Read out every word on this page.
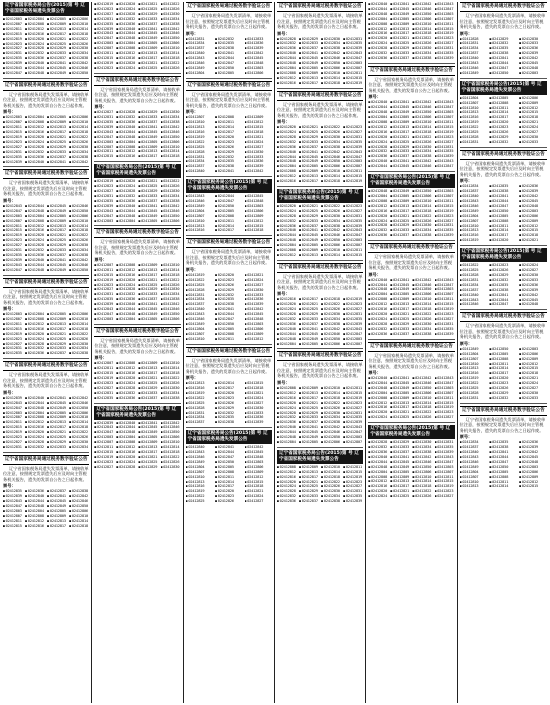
辽宁省国家税务局公告(2015)第 号 辽宁省国家税务局遗失发票公告
■ 02412803	■ 02412804	■ 02412805	■ 02412806
■ 02412807	■ 02412808	■ 02412809	■ 02412810
■ 02412811	■ 02412812	■ 02412813	■ 02412814
■ 02412815	■ 02412816	■ 02412817	■ 02412818
■ 02412819	■ 02412820	■ 02412821	■ 02412822
■ 02412823	■ 02412824	■ 02412825	■ 02412826
■ 02412827	■ 02412828	■ 02412829	■ 02412830
■ 02412831	■ 02412832	■ 02412833	■ 02412834
■ 02412835	■ 02412836	■ 02412837	■ 02412838
■ 02412839	■ 02412840	■ 02412841	■ 02412842
■ 02412843	■ 02412844	■ 02412845	■ 02412846
■ 02412847	■ 02412848	■ 02412849	■ 02412850
辽宁省国家税务局通过税务数字验证公告
辽宁省国家税务局遗失发票清单，请接收单位注意，按照规定发票遗失后应及时向主管税务机关报告，遗失的发票自公告之日起作废。
票号：
■ 02412803	■ 02412804	■ 02412805	■ 02412806
■ 02412807	■ 02412808	■ 02412809	■ 02412810
■ 02412811	■ 02412812	■ 02412813	■ 02412814
■ 02412815	■ 02412816	■ 02412817	■ 02412818
■ 02412819	■ 02412820	■ 02412821	■ 02412822
■ 02412823	■ 02412824	■ 02412825	■ 02412826
■ 02412827	■ 02412828	■ 02412829	■ 02412830
■ 02412831	■ 02412832	■ 02412833	■ 02412834
■ 02412835	■ 02412836	■ 02412837	■ 02412838
■ 02412839	■ 02412840	■ 02412841	■ 02412842
辽宁省国家税务局通过税务数字验证公告
辽宁省国家税务局遗失发票清单，请接收单位注意，按照规定发票遗失后应及时向主管税务机关报告，遗失的发票自公告之日起作废。
票号：
■ 02412843	■ 02412844	■ 02412845	■ 02412846
■ 02412847	■ 02412848	■ 02412849	■ 02412850
■ 02412803	■ 02412804	■ 02412805	■ 02412806
■ 02412807	■ 02412808	■ 02412809	■ 02412810
■ 02412811	■ 02412812	■ 02412813	■ 02412814
■ 02412815	■ 02412816	■ 02412817	■ 02412818
■ 02412819	■ 02412820	■ 02412821	■ 02412822
■ 02412823	■ 02412824	■ 02412825	■ 02412826
■ 02412827	■ 02412828	■ 02412829	■ 02412830
■ 02412831	■ 02412832	■ 02412833	■ 02412834
■ 02412835	■ 02412836	■ 02412837	■ 02412838
■ 02412839	■ 02412840	■ 02412841	■ 02412842
■ 02412843	■ 02412844	■ 02412845	■ 02412846
■ 02412847	■ 02412848	■ 02412849	■ 02412850
辽宁省国家税务局通过税务数字验证公告
辽宁省国家税务局遗失发票清单，请接收单位注意，按照规定发票遗失后应及时向主管税务机关报告，遗失的发票自公告之日起作废。
票号：
■ 02412803	■ 02412804	■ 02412805	■ 02412806
■ 02412807	■ 02412808	■ 02412809	■ 02412810
■ 02412811	■ 02412812	■ 02412813	■ 02412814
■ 02412815	■ 02412816	■ 02412817	■ 02412818
■ 02412819	■ 02412820	■ 02412821	■ 02412822
■ 02412823	■ 02412824	■ 02412825	■ 02412826
■ 02412827	■ 02412828	■ 02412829	■ 02412830
■ 02412831	■ 02412832	■ 02412833	■ 02412834
■ 02412835	■ 02412836	■ 02412837	■ 02412838
辽宁省国家税务局通过税务数字验证公告
辽宁省国家税务局遗失发票清单，请接收单位注意，按照规定发票遗失后应及时向主管税务机关报告，遗失的发票自公告之日起作废。
票号：
■ 02412839	■ 02412840	■ 02412841	■ 02412842
■ 02412843	■ 02412844	■ 02412845	■ 02412846
■ 02412847	■ 02412848	■ 02412849	■ 02412850
■ 02412803	■ 02412804	■ 02412805	■ 02412806
■ 02412807	■ 02412808	■ 02412809	■ 02412810
■ 02412811	■ 02412812	■ 02412813	■ 02412814
■ 02412815	■ 02412816	■ 02412817	■ 02412818
■ 02412819	■ 02412820	■ 02412821	■ 02412822
■ 02412823	■ 02412824	■ 02412825	■ 02412826
■ 02412827	■ 02412828	■ 02412829	■ 02412830
■ 02412831	■ 02412832	■ 02412833	■ 02412834
辽宁省国家税务局通过税务数字验证公告
辽宁省国家税务局遗失发票清单，请接收单位注意，按照规定发票遗失后应及时向主管税务机关报告，遗失的发票自公告之日起作废。
票号：
■ 02412835	■ 02412836	■ 02412837	■ 02412838
■ 02412839	■ 02412840	■ 02412841	■ 02412842
■ 02412843	■ 02412844	■ 02412845	■ 02412846
■ 02412847	■ 02412848	■ 02412849	■ 02412850
■ 02412803	■ 02412804	■ 02412805	■ 02412806
■ 02412807	■ 02412808	■ 02412809	■ 02412810
■ 02412811	■ 02412812	■ 02412813	■ 02412814
■ 02412815	■ 02412816	■ 02412817	■ 02412818
■ 02412819	■ 02412820	■ 02412821	■ 02412822
■ 02412823	■ 02412824	■ 02412825	■ 02412826
■ 02412827	■ 02412828	■ 02412829	■ 02412830
■ 02412831	■ 02412832	■ 02412833	■ 02412834
■ 02412835	■ 02412836	■ 02412837	■ 02412838
■ 02412839	■ 02412840	■ 02412841	■ 02412842
■ 02412843	■ 02412844	■ 02412845	■ 02412846
■ 02412847	■ 02412848	■ 02412849	■ 02412850
■ 02412803	■ 02412804	■ 02412805	■ 02412806
■ 02412807	■ 02412808	■ 02412809	■ 02412810
■ 02412811	■ 02412812	■ 02412813	■ 02412814
■ 02412815	■ 02412816	■ 02412817	■ 02412818
■ 02412819	■ 02412820	■ 02412821	■ 02412822
■ 02412823	■ 02412824	■ 02412825	■ 02412826
辽宁省国家税务局通过税务数字验证公告
辽宁省国家税务局遗失发票清单，请接收单位注意，按照规定发票遗失后应及时向主管税务机关报告，遗失的发票自公告之日起作废。
票号：
■ 02412827	■ 02412828	■ 02412829	■ 02412830
■ 02412831	■ 02412832	■ 02412833	■ 02412834
■ 02412835	■ 02412836	■ 02412837	■ 02412838
■ 02412839	■ 02412840	■ 02412841	■ 02412842
■ 02412843	■ 02412844	■ 02412845	■ 02412846
■ 02412847	■ 02412848	■ 02412849	■ 02412850
■ 02412803	■ 02412804	■ 02412805	■ 02412806
■ 02412807	■ 02412808	■ 02412809	■ 02412810
■ 02412811	■ 02412812	■ 02412813	■ 02412814
■ 02412815	■ 02412816	■ 02412817	■ 02412818
辽宁省国家税务局公告(2015)第 号 辽宁省国家税务局遗失发票公告
■ 02412819	■ 02412820	■ 02412821	■ 02412822
■ 02412823	■ 02412824	■ 02412825	■ 02412826
■ 02412827	■ 02412828	■ 02412829	■ 02412830
■ 02412831	■ 02412832	■ 02412833	■ 02412834
■ 02412835	■ 02412836	■ 02412837	■ 02412838
■ 02412839	■ 02412840	■ 02412841	■ 02412842
■ 02412843	■ 02412844	■ 02412845	■ 02412846
■ 02412847	■ 02412848	■ 02412849	■ 02412850
■ 02412803	■ 02412804	■ 02412805	■ 02412806
辽宁省国家税务局通过税务数字验证公告
辽宁省国家税务局遗失发票清单，请接收单位注意，按照规定发票遗失后应及时向主管税务机关报告，遗失的发票自公告之日起作废。
票号：
■ 02412807	■ 02412808	■ 02412809	■ 02412810
■ 02412811	■ 02412812	■ 02412813	■ 02412814
■ 02412815	■ 02412816	■ 02412817	■ 02412818
■ 02412819	■ 02412820	■ 02412821	■ 02412822
■ 02412823	■ 02412824	■ 02412825	■ 02412826
■ 02412827	■ 02412828	■ 02412829	■ 02412830
■ 02412831	■ 02412832	■ 02412833	■ 02412834
■ 02412835	■ 02412836	■ 02412837	■ 02412838
■ 02412839	■ 02412840	■ 02412841	■ 02412842
■ 02412843	■ 02412844	■ 02412845	■ 02412846
■ 02412847	■ 02412848	■ 02412849	■ 02412850
■ 02412803	■ 02412804	■ 02412805	■ 02412806
辽宁省国家税务局通过税务数字验证公告
辽宁省国家税务局遗失发票清单，请接收单位注意，按照规定发票遗失后应及时向主管税务机关报告，遗失的发票自公告之日起作废。
票号：
■ 02412807	■ 02412808	■ 02412809	■ 02412810
■ 02412811	■ 02412812	■ 02412813	■ 02412814
■ 02412815	■ 02412816	■ 02412817	■ 02412818
■ 02412819	■ 02412820	■ 02412821	■ 02412822
■ 02412823	■ 02412824	■ 02412825	■ 02412826
■ 02412827	■ 02412828	■ 02412829	■ 02412830
■ 02412831	■ 02412832	■ 02412833	■ 02412834
■ 02412835	■ 02412836	■ 02412837	■ 02412838
辽宁省国家税务局公告(2015)第 号 辽宁省国家税务局遗失发票公告
■ 02412839	■ 02412840	■ 02412841	■ 02412842
■ 02412843	■ 02412844	■ 02412845	■ 02412846
■ 02412847	■ 02412848	■ 02412849	■ 02412850
■ 02412803	■ 02412804	■ 02412805	■ 02412806
■ 02412807	■ 02412808	■ 02412809	■ 02412810
■ 02412811	■ 02412812	■ 02412813	■ 02412814
■ 02412815	■ 02412816	■ 02412817	■ 02412818
■ 02412819	■ 02412820	■ 02412821	■ 02412822
■ 02412823	■ 02412824	■ 02412825	■ 02412826
■ 02412827	■ 02412828	■ 02412829	■ 02412830
辽宁省国家税务局通过税务数字验证公告
辽宁省国家税务局遗失发票清单，请接收单位注意，按照规定发票遗失后应及时向主管税务机关报告，遗失的发票自公告之日起作废。
票号：
■ 02412831	■ 02412832	■ 02412833
■ 02412834	■ 02412835	■ 02412836
■ 02412837	■ 02412838	■ 02412839
■ 02412840	■ 02412841	■ 02412842
■ 02412843	■ 02412844	■ 02412845
■ 02412846	■ 02412847	■ 02412848
■ 02412849	■ 02412850	■ 02412803
■ 02412804	■ 02412805	■ 02412806
辽宁省国家税务局通过税务数字验证公告
辽宁省国家税务局遗失发票清单，请接收单位注意，按照规定发票遗失后应及时向主管税务机关报告，遗失的发票自公告之日起作废。
票号：
■ 02412807	■ 02412808	■ 02412809
■ 02412810	■ 02412811	■ 02412812
■ 02412813	■ 02412814	■ 02412815
■ 02412816	■ 02412817	■ 02412818
■ 02412819	■ 02412820	■ 02412821
■ 02412822	■ 02412823	■ 02412824
■ 02412825	■ 02412826	■ 02412827
■ 02412828	■ 02412829	■ 02412830
■ 02412831	■ 02412832	■ 02412833
■ 02412834	■ 02412835	■ 02412836
■ 02412837	■ 02412838	■ 02412839
■ 02412840	■ 02412841	■ 02412842
辽宁省国家税务局公告(2015)第 号 辽宁省国家税务局遗失发票公告
■ 02412843	■ 02412844	■ 02412845
■ 02412846	■ 02412847	■ 02412848
■ 02412849	■ 02412850	■ 02412803
■ 02412804	■ 02412805	■ 02412806
■ 02412807	■ 02412808	■ 02412809
■ 02412810	■ 02412811	■ 02412812
■ 02412813	■ 02412814	■ 02412815
■ 02412816	■ 02412817	■ 02412818
辽宁省国家税务局通过税务数字验证公告
辽宁省国家税务局遗失发票清单，请接收单位注意，按照规定发票遗失后应及时向主管税务机关报告，遗失的发票自公告之日起作废。
票号：
■ 02412819	■ 02412820	■ 02412821
■ 02412822	■ 02412823	■ 02412824
■ 02412825	■ 02412826	■ 02412827
■ 02412828	■ 02412829	■ 02412830
■ 02412831	■ 02412832	■ 02412833
■ 02412834	■ 02412835	■ 02412836
■ 02412837	■ 02412838	■ 02412839
■ 02412840	■ 02412841	■ 02412842
■ 02412843	■ 02412844	■ 02412845
■ 02412846	■ 02412847	■ 02412848
■ 02412849	■ 02412850	■ 02412803
■ 02412804	■ 02412805	■ 02412806
■ 02412807	■ 02412808	■ 02412809
■ 02412810	■ 02412811	■ 02412812
辽宁省国家税务局通过税务数字验证公告
辽宁省国家税务局遗失发票清单，请接收单位注意，按照规定发票遗失后应及时向主管税务机关报告，遗失的发票自公告之日起作废。
票号：
■ 02412813	■ 02412814	■ 02412815
■ 02412816	■ 02412817	■ 02412818
■ 02412819	■ 02412820	■ 02412821
■ 02412822	■ 02412823	■ 02412824
■ 02412825	■ 02412826	■ 02412827
■ 02412828	■ 02412829	■ 02412830
■ 02412831	■ 02412832	■ 02412833
■ 02412834	■ 02412835	■ 02412836
■ 02412837	■ 02412838	■ 02412839
辽宁省国家税务局公告(2015)第 号 辽宁省国家税务局遗失发票公告
■ 02412840	■ 02412841	■ 02412842
■ 02412843	■ 02412844	■ 02412845
■ 02412846	■ 02412847	■ 02412848
■ 02412849	■ 02412850	■ 02412803
■ 02412804	■ 02412805	■ 02412806
■ 02412807	■ 02412808	■ 02412809
■ 02412810	■ 02412811	■ 02412812
■ 02412813	■ 02412814	■ 02412815
■ 02412816	■ 02412817	■ 02412818
■ 02412819	■ 02412820	■ 02412821
■ 02412822	■ 02412823	■ 02412824
■ 02412825	■ 02412826	■ 02412827
辽宁省国家税务局通过税务数字验证公告
辽宁省国家税务局遗失发票清单，请接收单位注意，按照规定发票遗失后应及时向主管税务机关报告，遗失的发票自公告之日起作废。
票号：
■ 02412828	■ 02412829	■ 02412830	■ 02412831
■ 02412832	■ 02412833	■ 02412834	■ 02412835
■ 02412836	■ 02412837	■ 02412838	■ 02412839
■ 02412840	■ 02412841	■ 02412842	■ 02412843
■ 02412844	■ 02412845	■ 02412846	■ 02412847
■ 02412848	■ 02412849	■ 02412850	■ 02412803
■ 02412804	■ 02412805	■ 02412806	■ 02412807
■ 02412808	■ 02412809	■ 02412810	■ 02412811
■ 02412812	■ 02412813	■ 02412814	■ 02412815
■ 02412816	■ 02412817	■ 02412818	■ 02412819
辽宁省国家税务局通过税务数字验证公告
辽宁省国家税务局遗失发票清单，请接收单位注意，按照规定发票遗失后应及时向主管税务机关报告，遗失的发票自公告之日起作废。
票号：
■ 02412820	■ 02412821	■ 02412822	■ 02412823
■ 02412824	■ 02412825	■ 02412826	■ 02412827
■ 02412828	■ 02412829	■ 02412830	■ 02412831
■ 02412832	■ 02412833	■ 02412834	■ 02412835
■ 02412836	■ 02412837	■ 02412838	■ 02412839
■ 02412840	■ 02412841	■ 02412842	■ 02412843
■ 02412844	■ 02412845	■ 02412846	■ 02412847
■ 02412848	■ 02412849	■ 02412850	■ 02412803
■ 02412804	■ 02412805	■ 02412806	■ 02412807
■ 02412808	■ 02412809	■ 02412810	■ 02412811
■ 02412812	■ 02412813	■ 02412814	■ 02412815
■ 02412816	■ 02412817	■ 02412818	■ 02412819
辽宁省国家税务局公告(2015)第 号 辽宁省国家税务局遗失发票公告
■ 02412820	■ 02412821	■ 02412822	■ 02412823
■ 02412824	■ 02412825	■ 02412826	■ 02412827
■ 02412828	■ 02412829	■ 02412830	■ 02412831
■ 02412832	■ 02412833	■ 02412834	■ 02412835
■ 02412836	■ 02412837	■ 02412838	■ 02412839
■ 02412840	■ 02412841	■ 02412842	■ 02412843
■ 02412844	■ 02412845	■ 02412846	■ 02412847
■ 02412848	■ 02412849	■ 02412850	■ 02412803
■ 02412804	■ 02412805	■ 02412806	■ 02412807
■ 02412808	■ 02412809	■ 02412810	■ 02412811
■ 02412812	■ 02412813	■ 02412814	■ 02412815
辽宁省国家税务局通过税务数字验证公告
辽宁省国家税务局遗失发票清单，请接收单位注意，按照规定发票遗失后应及时向主管税务机关报告，遗失的发票自公告之日起作废。
票号：
■ 02412816	■ 02412817	■ 02412818	■ 02412819
■ 02412820	■ 02412821	■ 02412822	■ 02412823
■ 02412824	■ 02412825	■ 02412826	■ 02412827
■ 02412828	■ 02412829	■ 02412830	■ 02412831
■ 02412832	■ 02412833	■ 02412834	■ 02412835
■ 02412836	■ 02412837	■ 02412838	■ 02412839
■ 02412840	■ 02412841	■ 02412842	■ 02412843
■ 02412844	■ 02412845	■ 02412846	■ 02412847
■ 02412848	■ 02412849	■ 02412850	■ 02412803
■ 02412804	■ 02412805	■ 02412806	■ 02412807
辽宁省国家税务局通过税务数字验证公告
辽宁省国家税务局遗失发票清单，请接收单位注意，按照规定发票遗失后应及时向主管税务机关报告，遗失的发票自公告之日起作废。
票号：
■ 02412808	■ 02412809	■ 02412810	■ 02412811
■ 02412812	■ 02412813	■ 02412814	■ 02412815
■ 02412816	■ 02412817	■ 02412818	■ 02412819
■ 02412820	■ 02412821	■ 02412822	■ 02412823
■ 02412824	■ 02412825	■ 02412826	■ 02412827
■ 02412828	■ 02412829	■ 02412830	■ 02412831
■ 02412832	■ 02412833	■ 02412834	■ 02412835
■ 02412836	■ 02412837	■ 02412838	■ 02412839
■ 02412840	■ 02412841	■ 02412842	■ 02412843
■ 02412844	■ 02412845	■ 02412846	■ 02412847
■ 02412848	■ 02412849	■ 02412850	■ 02412803
■ 02412804	■ 02412805	■ 02412806	■ 02412807
辽宁省国家税务局公告(2015)第 号 辽宁省国家税务局遗失发票公告
■ 02412808	■ 02412809	■ 02412810	■ 02412811
■ 02412812	■ 02412813	■ 02412814	■ 02412815
■ 02412816	■ 02412817	■ 02412818	■ 02412819
■ 02412820	■ 02412821	■ 02412822	■ 02412823
■ 02412824	■ 02412825	■ 02412826	■ 02412827
■ 02412828	■ 02412829	■ 02412830	■ 02412831
■ 02412832	■ 02412833	■ 02412834	■ 02412835
■ 02412836	■ 02412837	■ 02412838	■ 02412839
■ 02412840	■ 02412841	■ 02412842	■ 02412843
■ 02412844	■ 02412845	■ 02412846	■ 02412847
■ 02412848	■ 02412849	■ 02412850	■ 02412803
■ 02412804	■ 02412805	■ 02412806	■ 02412807
■ 02412808	■ 02412809	■ 02412810	■ 02412811
■ 02412812	■ 02412813	■ 02412814	■ 02412815
■ 02412816	■ 02412817	■ 02412818	■ 02412819
■ 02412820	■ 02412821	■ 02412822	■ 02412823
■ 02412824	■ 02412825	■ 02412826	■ 02412827
■ 02412828	■ 02412829	■ 02412830	■ 02412831
■ 02412832	■ 02412833	■ 02412834	■ 02412835
■ 02412836	■ 02412837	■ 02412838	■ 02412839
辽宁省国家税务局通过税务数字验证公告
辽宁省国家税务局遗失发票清单，请接收单位注意，按照规定发票遗失后应及时向主管税务机关报告，遗失的发票自公告之日起作废。
票号：
■ 02412840	■ 02412841	■ 02412842	■ 02412843
■ 02412844	■ 02412845	■ 02412846	■ 02412847
■ 02412848	■ 02412849	■ 02412850	■ 02412803
■ 02412804	■ 02412805	■ 02412806	■ 02412807
■ 02412808	■ 02412809	■ 02412810	■ 02412811
■ 02412812	■ 02412813	■ 02412814	■ 02412815
■ 02412816	■ 02412817	■ 02412818	■ 02412819
■ 02412820	■ 02412821	■ 02412822	■ 02412823
■ 02412824	■ 02412825	■ 02412826	■ 02412827
■ 02412828	■ 02412829	■ 02412830	■ 02412831
■ 02412832	■ 02412833	■ 02412834	■ 02412835
■ 02412836	■ 02412837	■ 02412838	■ 02412839
■ 02412840	■ 02412841	■ 02412842	■ 02412843
■ 02412844	■ 02412845	■ 02412846	■ 02412847
辽宁省国家税务局公告(2015)第 号 辽宁省国家税务局遗失发票公告
■ 02412848	■ 02412849	■ 02412850	■ 02412803
■ 02412804	■ 02412805	■ 02412806	■ 02412807
■ 02412808	■ 02412809	■ 02412810	■ 02412811
■ 02412812	■ 02412813	■ 02412814	■ 02412815
■ 02412816	■ 02412817	■ 02412818	■ 02412819
■ 02412820	■ 02412821	■ 02412822	■ 02412823
■ 02412824	■ 02412825	■ 02412826	■ 02412827
■ 02412828	■ 02412829	■ 02412830	■ 02412831
■ 02412832	■ 02412833	■ 02412834	■ 02412835
■ 02412836	■ 02412837	■ 02412838	■ 02412839
辽宁省国家税务局通过税务数字验证公告
辽宁省国家税务局遗失发票清单，请接收单位注意，按照规定发票遗失后应及时向主管税务机关报告，遗失的发票自公告之日起作废。
票号：
■ 02412840	■ 02412841	■ 02412842	■ 02412843
■ 02412844	■ 02412845	■ 02412846	■ 02412847
■ 02412848	■ 02412849	■ 02412850	■ 02412803
■ 02412804	■ 02412805	■ 02412806	■ 02412807
■ 02412808	■ 02412809	■ 02412810	■ 02412811
■ 02412812	■ 02412813	■ 02412814	■ 02412815
■ 02412816	■ 02412817	■ 02412818	■ 02412819
■ 02412820	■ 02412821	■ 02412822	■ 02412823
■ 02412824	■ 02412825	■ 02412826	■ 02412827
■ 02412828	■ 02412829	■ 02412830	■ 02412831
■ 02412832	■ 02412833	■ 02412834	■ 02412835
■ 02412836	■ 02412837	■ 02412838	■ 02412839
辽宁省国家税务局通过税务数字验证公告
辽宁省国家税务局遗失发票清单，请接收单位注意，按照规定发票遗失后应及时向主管税务机关报告，遗失的发票自公告之日起作废。
票号：
■ 02412840	■ 02412841	■ 02412842	■ 02412843
■ 02412844	■ 02412845	■ 02412846	■ 02412847
■ 02412848	■ 02412849	■ 02412850	■ 02412803
■ 02412804	■ 02412805	■ 02412806	■ 02412807
■ 02412808	■ 02412809	■ 02412810	■ 02412811
■ 02412812	■ 02412813	■ 02412814	■ 02412815
■ 02412816	■ 02412817	■ 02412818	■ 02412819
■ 02412820	■ 02412821	■ 02412822	■ 02412823
■ 02412824	■ 02412825	■ 02412826	■ 02412827
辽宁省国家税务局公告(2015)第 号 辽宁省国家税务局遗失发票公告
■ 02412828	■ 02412829	■ 02412830	■ 02412831
■ 02412832	■ 02412833	■ 02412834	■ 02412835
■ 02412836	■ 02412837	■ 02412838	■ 02412839
■ 02412840	■ 02412841	■ 02412842	■ 02412843
■ 02412844	■ 02412845	■ 02412846	■ 02412847
■ 02412848	■ 02412849	■ 02412850	■ 02412803
■ 02412804	■ 02412805	■ 02412806	■ 02412807
■ 02412808	■ 02412809	■ 02412810	■ 02412811
■ 02412812	■ 02412813	■ 02412814	■ 02412815
■ 02412816	■ 02412817	■ 02412818	■ 02412819
■ 02412820	■ 02412821	■ 02412822	■ 02412823
■ 02412824	■ 02412825	■ 02412826	■ 02412827
辽宁省国家税务局通过税务数字验证公告
辽宁省国家税务局遗失发票清单，请接收单位注意，按照规定发票遗失后应及时向主管税务机关报告，遗失的发票自公告之日起作废。
票号：
■ 02412828	■ 02412829	■ 02412830
■ 02412831	■ 02412832	■ 02412833
■ 02412834	■ 02412835	■ 02412836
■ 02412837	■ 02412838	■ 02412839
■ 02412840	■ 02412841	■ 02412842
■ 02412843	■ 02412844	■ 02412845
■ 02412846	■ 02412847	■ 02412848
■ 02412849	■ 02412850	■ 02412803
辽宁省国家税务局公告(2015)第 号 辽宁省国家税务局遗失发票公告
■ 02412804	■ 02412805	■ 02412806
■ 02412807	■ 02412808	■ 02412809
■ 02412810	■ 02412811	■ 02412812
■ 02412813	■ 02412814	■ 02412815
■ 02412816	■ 02412817	■ 02412818
■ 02412819	■ 02412820	■ 02412821
■ 02412822	■ 02412823	■ 02412824
■ 02412825	■ 02412826	■ 02412827
■ 02412828	■ 02412829	■ 02412830
■ 02412831	■ 02412832	■ 02412833
辽宁省国家税务局通过税务数字验证公告
辽宁省国家税务局遗失发票清单，请接收单位注意，按照规定发票遗失后应及时向主管税务机关报告，遗失的发票自公告之日起作废。
票号：
■ 02412834	■ 02412835	■ 02412836
■ 02412837	■ 02412838	■ 02412839
■ 02412840	■ 02412841	■ 02412842
■ 02412843	■ 02412844	■ 02412845
■ 02412846	■ 02412847	■ 02412848
■ 02412849	■ 02412850	■ 02412803
■ 02412804	■ 02412805	■ 02412806
■ 02412807	■ 02412808	■ 02412809
■ 02412810	■ 02412811	■ 02412812
■ 02412813	■ 02412814	■ 02412815
■ 02412816	■ 02412817	■ 02412818
■ 02412819	■ 02412820	■ 02412821
辽宁省国家税务局公告(2015)第 号 辽宁省国家税务局遗失发票公告
■ 02412822	■ 02412823	■ 02412824
■ 02412825	■ 02412826	■ 02412827
■ 02412828	■ 02412829	■ 02412830
■ 02412831	■ 02412832	■ 02412833
■ 02412834	■ 02412835	■ 02412836
■ 02412837	■ 02412838	■ 02412839
■ 02412840	■ 02412841	■ 02412842
■ 02412843	■ 02412844	■ 02412845
■ 02412846	■ 02412847	■ 02412848
辽宁省国家税务局通过税务数字验证公告
辽宁省国家税务局遗失发票清单，请接收单位注意，按照规定发票遗失后应及时向主管税务机关报告，遗失的发票自公告之日起作废。
票号：
■ 02412849	■ 02412850	■ 02412803
■ 02412804	■ 02412805	■ 02412806
■ 02412807	■ 02412808	■ 02412809
■ 02412810	■ 02412811	■ 02412812
■ 02412813	■ 02412814	■ 02412815
■ 02412816	■ 02412817	■ 02412818
■ 02412819	■ 02412820	■ 02412821
■ 02412822	■ 02412823	■ 02412824
■ 02412825	■ 02412826	■ 02412827
■ 02412828	■ 02412829	■ 02412830
■ 02412831	■ 02412832	■ 02412833
辽宁省国家税务局通过税务数字验证公告
辽宁省国家税务局遗失发票清单，请接收单位注意，按照规定发票遗失后应及时向主管税务机关报告，遗失的发票自公告之日起作废。
票号：
■ 02412834	■ 02412835	■ 02412836
■ 02412837	■ 02412838	■ 02412839
■ 02412840	■ 02412841	■ 02412842
■ 02412843	■ 02412844	■ 02412845
■ 02412846	■ 02412847	■ 02412848
■ 02412849	■ 02412850	■ 02412803
■ 02412804	■ 02412805	■ 02412806
■ 02412807	■ 02412808	■ 02412809
■ 02412810	■ 02412811	■ 02412812
■ 02412813	■ 02412814	■ 02412815
